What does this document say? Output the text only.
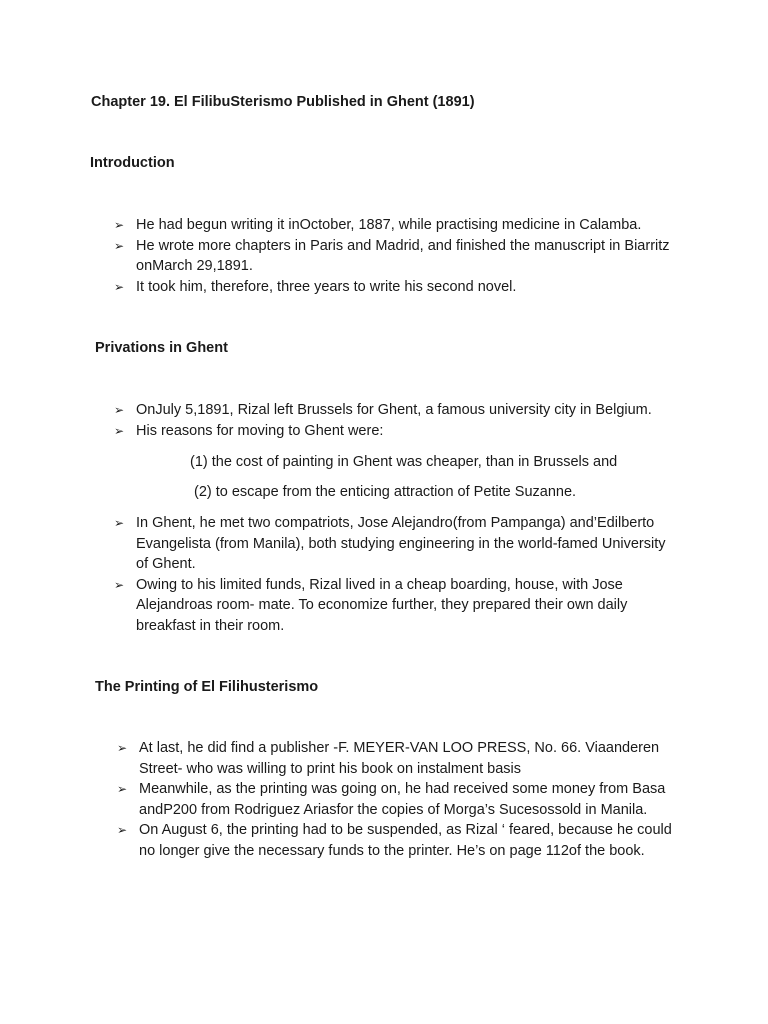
Chapter 19. El FilibuSterismo Published in Ghent (1891)
Introduction
➢ He had begun writing it inOctober, 1887, while practising medicine in Calamba.
➢ He wrote more chapters in Paris and Madrid, and finished the manuscript in Biarritz onMarch 29,1891.
➢ It took him, therefore, three years to write his second novel.
Privations in Ghent
➢ OnJuly 5,1891, Rizal left Brussels for Ghent, a famous university city in Belgium.
➢ His reasons for moving to Ghent were:
(1) the cost of painting in Ghent was cheaper, than in Brussels and
(2) to escape from the enticing attraction of Petite Suzanne.
➢ In Ghent, he met two compatriots, Jose Alejandro(from Pampanga) and’Edilberto Evangelista (from Manila), both studying engineering in the world-famed University of Ghent.
➢ Owing to his limited funds, Rizal lived in a cheap boarding, house, with Jose Alejandroas room- mate. To economize further, they prepared their own daily breakfast in their room.
The Printing of El Filihusterismo
➢ At last, he did find a publisher -F. MEYER-VAN LOO PRESS, No. 66. Viaanderen Street- who was willing to print his book on instalment basis
➢ Meanwhile, as the printing was going on, he had received some money from Basa andP200 from Rodriguez Ariasfor the copies of Morga’s Sucesossold in Manila.
➢ On August 6, the printing had to be suspended, as Rizal ‘ feared, because he could no longer give the necessary funds to the printer. He’s on page 112of the book.
